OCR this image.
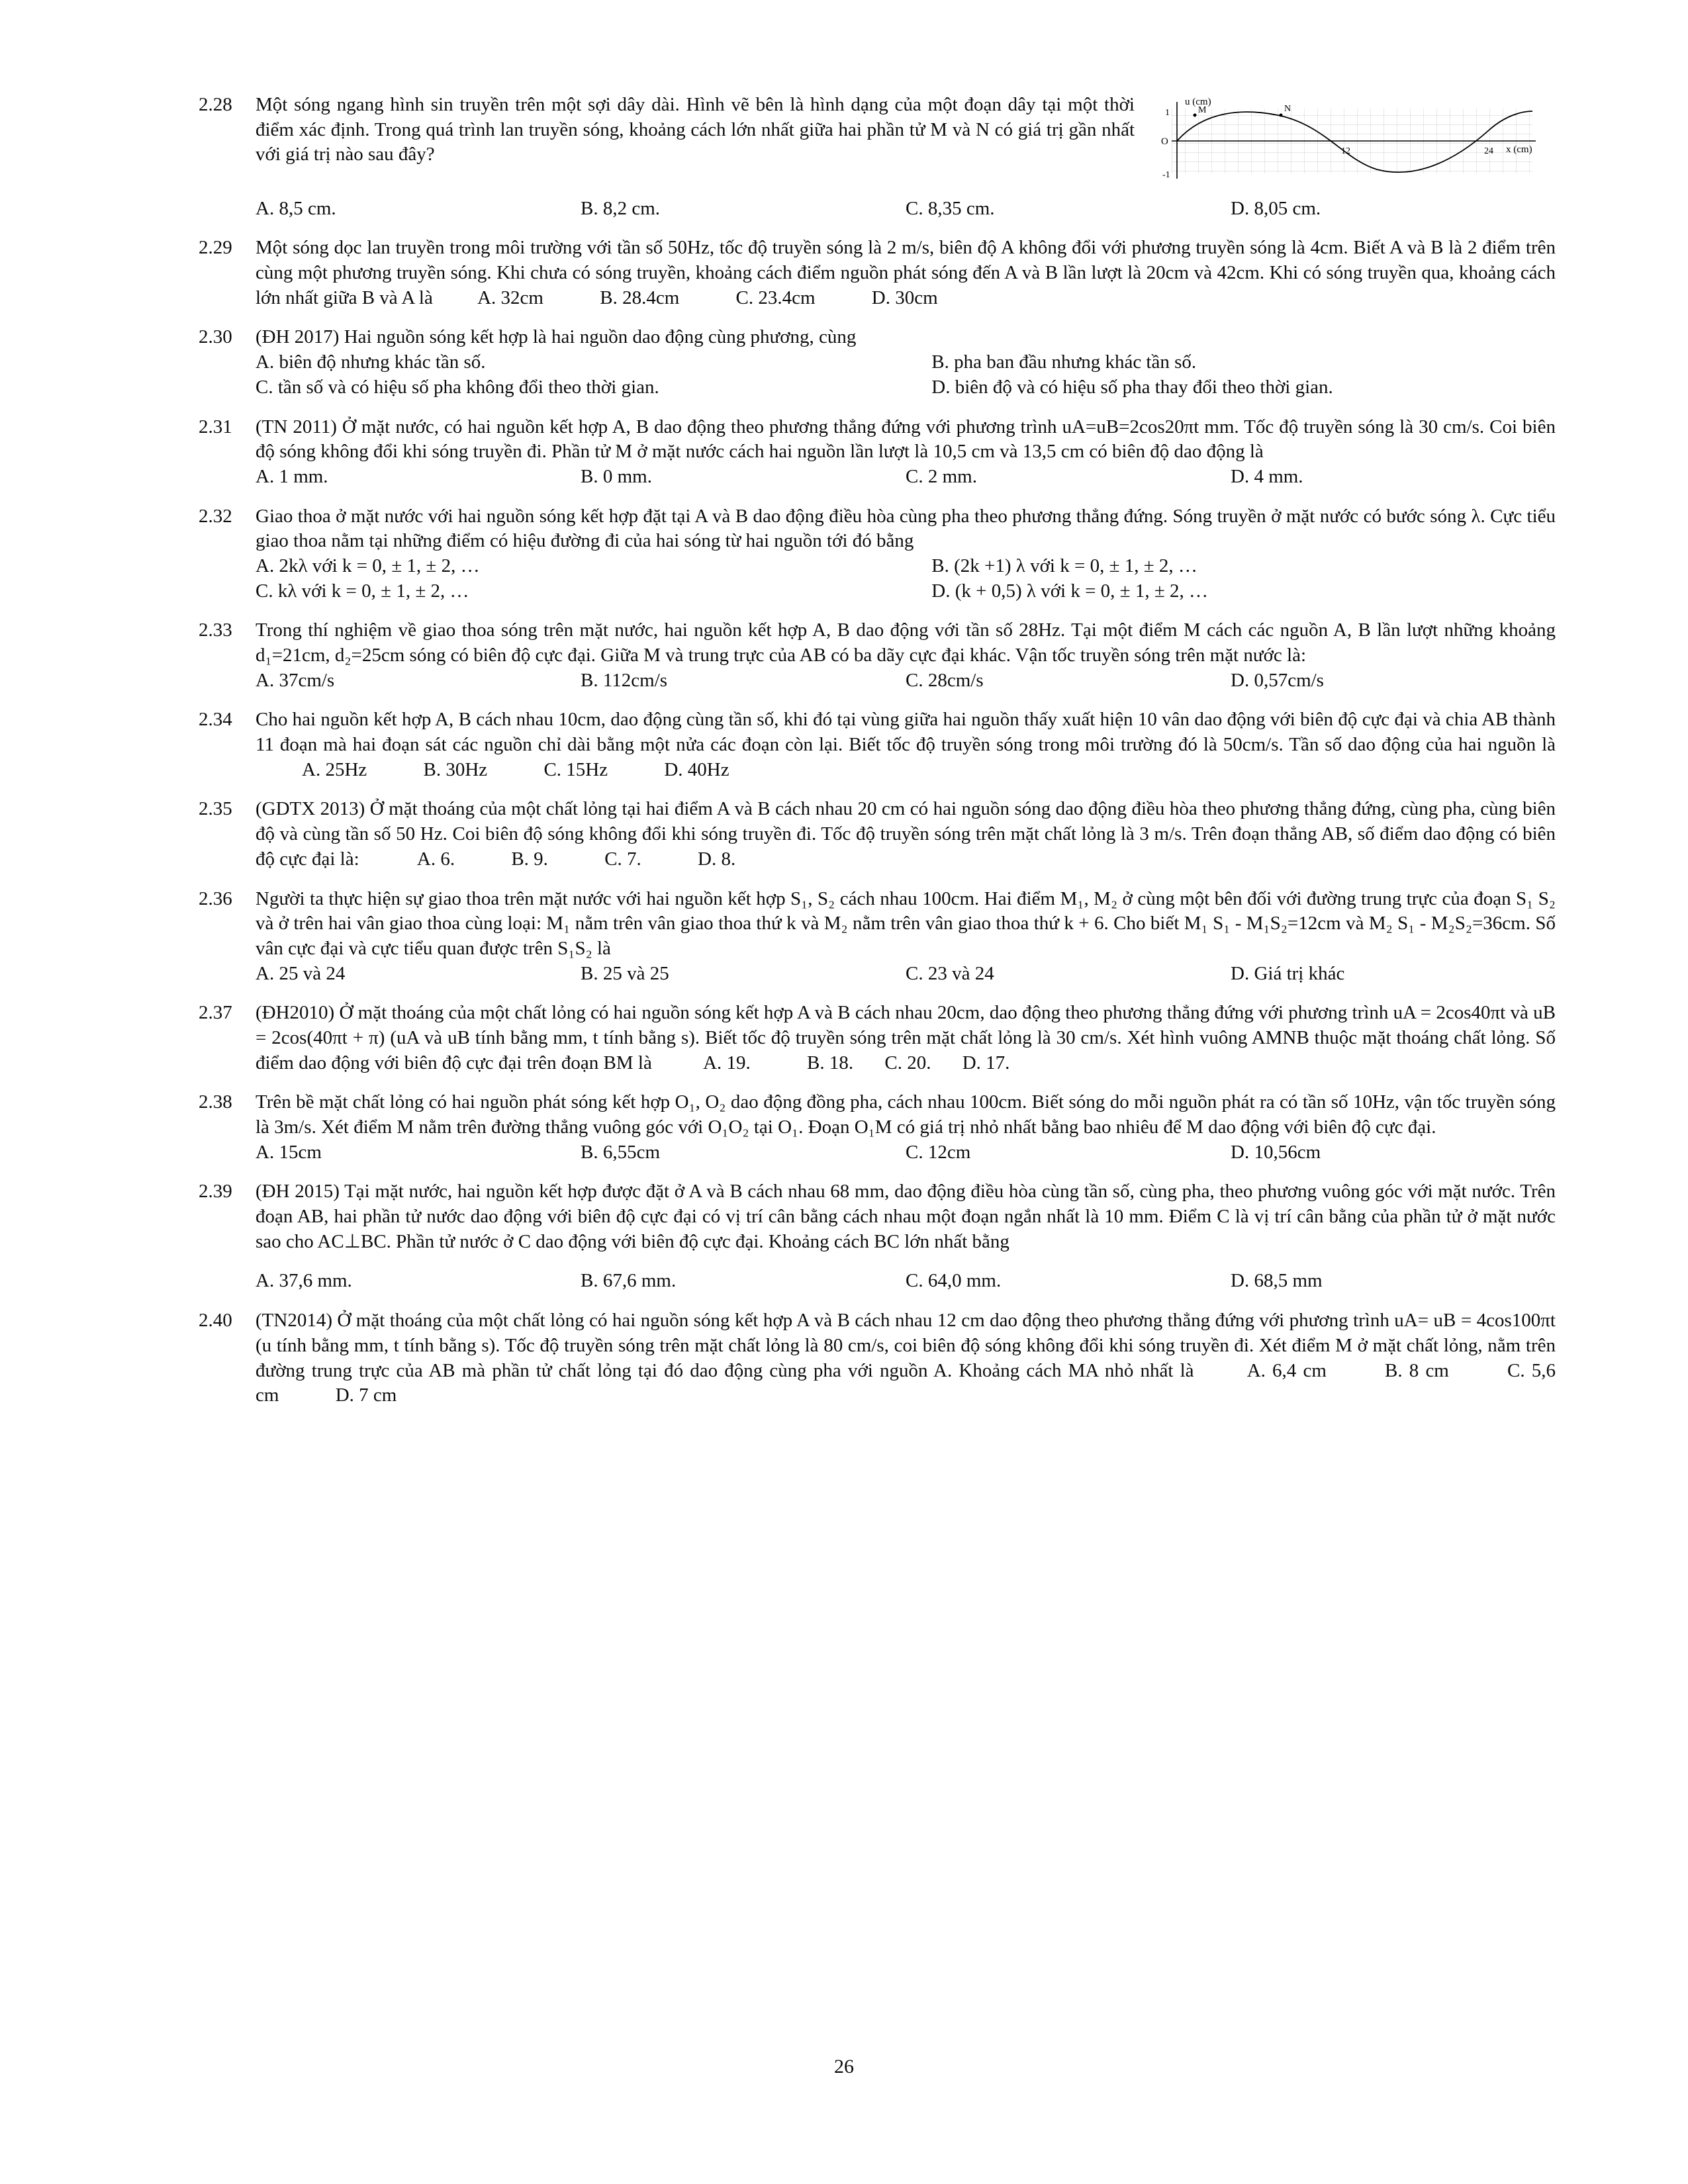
2.28	M	N
1
-1
O
12	24
u (cm)
x (cm)

Một sóng ngang hình sin truyền trên một sợi dây dài. Hình vẽ bên là hình dạng của một đoạn dây tại một thời điểm xác định. Trong quá trình lan truyền sóng, khoảng cách lớn nhất giữa hai phần tử M và N có giá trị gần nhất với giá trị nào sau đây?

A. 8,5 cm.	B. 8,2 cm.	C. 8,35 cm.	D. 8,05 cm.
2.29	Một sóng dọc lan truyền trong môi trường với tần số 50Hz, tốc độ truyền sóng là 2 m/s, biên độ A không đổi với phương truyền sóng là 4cm. Biết A và B là 2 điểm trên cùng một phương truyền sóng. Khi chưa có sóng truyền, khoảng cách điểm nguồn phát sóng đến A và B lần lượt là 20cm và 42cm. Khi có sóng truyền qua, khoảng cách lớn nhất giữa B và A là A. 32cm	B. 28.4cm	C. 23.4cm	D. 30cm

2.30	(ĐH 2017) Hai nguồn sóng kết hợp là hai nguồn dao động cùng phương, cùng

A. biên độ nhưng khác tần số.	B. pha ban đầu nhưng khác tần số.
C. tần số và có hiệu số pha không đổi theo thời gian.	D. biên độ và có hiệu số pha thay đổi theo thời gian.
2.31	(TN 2011) Ở mặt nước, có hai nguồn kết hợp A, B dao động theo phương thẳng đứng với phương trình uA=uB=2cos20πt mm. Tốc độ truyền sóng là 30 cm/s. Coi biên độ sóng không đổi khi sóng truyền đi. Phần tử M ở mặt nước cách hai nguồn lần lượt là 10,5 cm và 13,5 cm có biên độ dao động là

A. 1 mm.	B. 0 mm.	C. 2 mm.	D. 4 mm.
2.32	Giao thoa ở mặt nước với hai nguồn sóng kết hợp đặt tại A và B dao động điều hòa cùng pha theo phương thẳng đứng. Sóng truyền ở mặt nước có bước sóng λ. Cực tiểu giao thoa nằm tại những điểm có hiệu đường đi của hai sóng từ hai nguồn tới đó bằng

A. 2kλ với k = 0, ± 1, ± 2, …	B. (2k +1) λ với k = 0, ± 1, ± 2, …
C. kλ với k = 0, ± 1, ± 2, …	D. (k + 0,5) λ với k = 0, ± 1, ± 2, …
2.33	Trong thí nghiệm về giao thoa sóng trên mặt nước, hai nguồn kết hợp A, B dao động với tần số 28Hz. Tại một điểm M cách các nguồn A, B lần lượt những khoảng d₁=21cm, d₂=25cm sóng có biên độ cực đại. Giữa M và trung trực của AB có ba dãy cực đại khác. Vận tốc truyền sóng trên mặt nước là:

A. 37cm/s	B. 112cm/s	C. 28cm/s	D. 0,57cm/s
2.34	Cho hai nguồn kết hợp A, B cách nhau 10cm, dao động cùng tần số, khi đó tại vùng giữa hai nguồn thấy xuất hiện 10 vân dao động với biên độ cực đại và chia AB thành 11 đoạn mà hai đoạn sát các nguồn chỉ dài bằng một nửa các đoạn còn lại. Biết tốc độ truyền sóng trong môi trường đó là 50cm/s. Tần số dao động của hai nguồn là A. 25Hz	B. 30Hz	C. 15Hz	D. 40Hz

2.35	(GDTX 2013) Ở mặt thoáng của một chất lỏng tại hai điểm A và B cách nhau 20 cm có hai nguồn sóng dao động điều hòa theo phương thẳng đứng, cùng pha, cùng biên độ và cùng tần số 50 Hz. Coi biên độ sóng không đổi khi sóng truyền đi. Tốc độ truyền sóng trên mặt chất lỏng là 3 m/s. Trên đoạn thẳng AB, số điểm dao động có biên độ cực đại là:	A. 6.	B. 9.	C. 7.	D. 8.

2.36	Người ta thực hiện sự giao thoa trên mặt nước với hai nguồn kết hợp S₁, S₂ cách nhau 100cm. Hai điểm M₁, M₂ ở cùng một bên đối với đường trung trực của đoạn S₁ S₂ và ở trên hai vân giao thoa cùng loại: M₁ nằm trên vân giao thoa thứ k và M₂ nằm trên vân giao thoa thứ k + 6. Cho biết M₁ S₁ - M₁S₂=12cm và M₂ S₁ - M₂S₂=36cm. Số vân cực đại và cực tiểu quan được trên S₁S₂ là

A. 25 và 24	B. 25 và 25	C. 23 và 24	D. Giá trị khác
2.37	(ĐH2010) Ở mặt thoáng của một chất lỏng có hai nguồn sóng kết hợp A và B cách nhau 20cm, dao động theo phương thẳng đứng với phương trình uA = 2cos40πt và uB = 2cos(40πt + π) (uA và uB tính bằng mm, t tính bằng s). Biết tốc độ truyền sóng trên mặt chất lỏng là 30 cm/s. Xét hình vuông AMNB thuộc mặt thoáng chất lỏng. Số điểm dao động với biên độ cực đại trên đoạn BM là	A. 19.	B. 18. C. 20. D. 17.

2.38	Trên bề mặt chất lỏng có hai nguồn phát sóng kết hợp O₁, O₂ dao động đồng pha, cách nhau 100cm. Biết sóng do mỗi nguồn phát ra có tần số 10Hz, vận tốc truyền sóng là 3m/s. Xét điểm M nằm trên đường thẳng vuông góc với O₁O₂ tại O₁. Đoạn O₁M có giá trị nhỏ nhất bằng bao nhiêu để M dao động với biên độ cực đại.

A. 15cm	B. 6,55cm	C. 12cm	D. 10,56cm
2.39	(ĐH 2015) Tại mặt nước, hai nguồn kết hợp được đặt ở A và B cách nhau 68 mm, dao động điều hòa cùng tần số, cùng pha, theo phương vuông góc với mặt nước. Trên đoạn AB, hai phần tử nước dao động với biên độ cực đại có vị trí cân bằng cách nhau một đoạn ngắn nhất là 10 mm. Điểm C là vị trí cân bằng của phần tử ở mặt nước sao cho AC⊥BC. Phần tử nước ở C dao động với biên độ cực đại. Khoảng cách BC lớn nhất bằng

A. 37,6 mm.	B. 67,6 mm.	C. 64,0 mm.	D. 68,5 mm
2.40	(TN2014) Ở mặt thoáng của một chất lỏng có hai nguồn sóng kết hợp A và B cách nhau 12 cm dao động theo phương thẳng đứng với phương trình uA= uB = 4cos100πt (u tính bằng mm, t tính bằng s). Tốc độ truyền sóng trên mặt chất lỏng là 80 cm/s, coi biên độ sóng không đổi khi sóng truyền đi. Xét điểm M ở mặt chất lỏng, nằm trên đường trung trực của AB mà phần tử chất lỏng tại đó dao động cùng pha với nguồn A. Khoảng cách MA nhỏ nhất là	A. 6,4 cm	B. 8 cm	C. 5,6 cm	D. 7 cm

26
